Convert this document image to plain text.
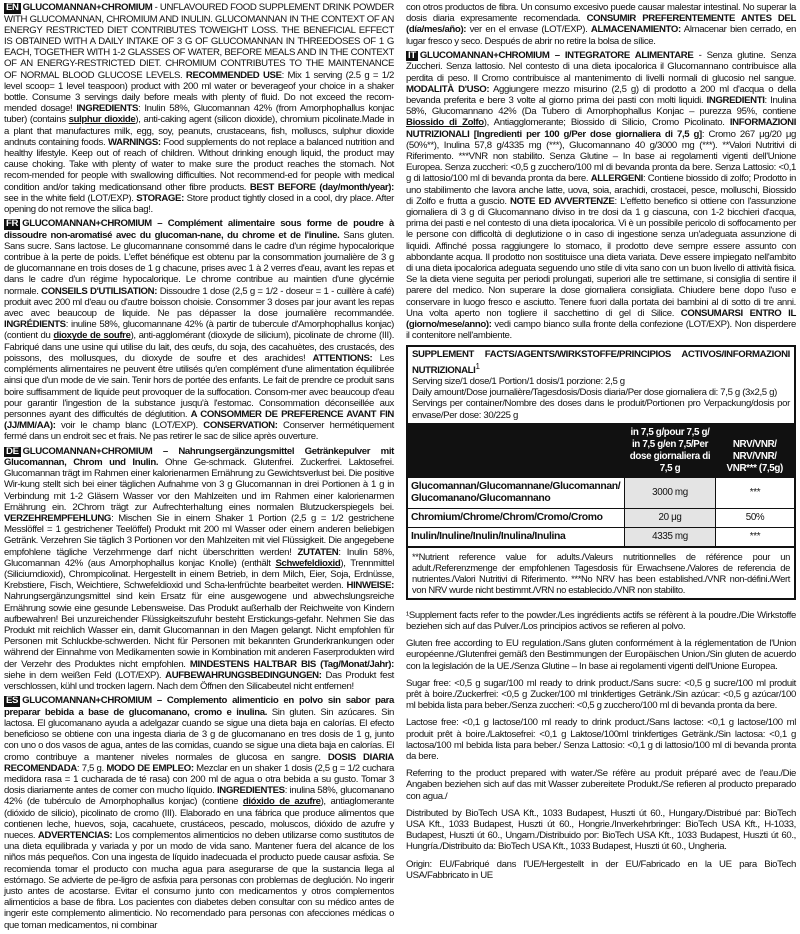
EN GLUCOMANNAN+CHROMIUM - UNFLAVOURED FOOD SUPPLEMENT DRINK POWDER WITH GLUCOMANNAN, CHROMIUM AND INULIN. GLUCOMANNAN IN THE CONTEXT OF AN ENERGY RESTRICTED DIET CONTRIBUTES TOWEIGHT LOSS. THE BENEFICIAL EFFECT IS OBTAINED WITH A DAILY INTAKE OF 3 G OF GLUCOMANNAN IN THREEDOSES OF 1 G EACH, TOGETHER WITH 1-2 GLASSES OF WATER, BEFORE MEALS AND IN THE CONTEXT OF AN ENERGY-RESTRICTED DIET. CHROMIUM CONTRIBUTES TO THE MAINTENANCE OF NORMAL BLOOD GLUCOSE LEVELS. RECOMMENDED USE: Mix 1 serving (2.5 g = 1/2 level scoop= 1 level teaspoon) product with 200 ml water or beverageof your choice in a shaker bottle. Consume 3 servings daily before meals with plenty of fluid. Do not exceed the recom-mended dosage! INGREDIENTS: Inulin 58%, Glucomannan 42% (from Amorphophallus konjac tuber) (contains sulphur dioxide), anti-caking agent (silicon dioxide), chromium picolinate.Made in a plant that manufactures milk, egg, soy, peanuts, crustaceans, fish, molluscs, sulphur dioxide andnuts containing foods. WARNINGS: Food supplements do not replace a balanced nutrition and healthy lifestyle. Keep out of reach of children. Without drinking enough liquid, the product may cause choking. Take with plenty of water to make sure the product reaches the stomach. Not recom-mended for people with swallowing difficulties. Not recommend-ed for people with medical condition and/or taking medicationsand other fibre products. BEST BEFORE (day/month/year): see in the white field (LOT/EXP). STORAGE: Store product tightly closed in a cool, dry place. After opening do not remove the silica bag!.
FR GLUCOMANNAN+CHROMIUM – Complément alimentaire sous forme de poudre à dissoudre non-aromatisé avec du glucoman-nane, du chrome et de l'inuline. Sans gluten. Sans sucre. Sans lactose. Le glucomannane consommé dans le cadre d'un régime hypocalorique contribue à la perte de poids. L'effet bénéfique est obtenu par la consommation journalière de 3 g de glucomannane en trois doses de 1 g chacune, prises avec 1 à 2 verres d'eau, avant les repas et dans le cadre d'un régime hypocalorique. Le chrome contribue au maintien d'une glycémie normale. CONSEILS D'UTILISATION: Dissoudre 1 dose (2,5 g = 1/2 - doseur = 1 - cuillère à café) produit avec 200 ml d'eau ou d'autre boisson choisie. Consommer 3 doses par jour avant les repas avec avec beaucoup de liquide. Ne pas dépasser la dose journalière recommandée. INGRÉDIENTS: inuline 58%, glucomannane 42% (à partir de tubercule d'Amorphophallus konjac) (contient du dioxyde de soufre), anti-agglomérant (dioxyde de silicium), picolinate de chrome (III). Fabriqué dans une usine qui utilise du lait, des œufs, du soja, des cacahuètes, des crustacés, des poissons, des mollusques, du dioxyde de soufre et des arachides! ATTENTIONS: Les compléments alimentaires ne peuvent être utilisés qu'en complément d'une alimentation équilibrée ainsi que d'un mode de vie sain. Tenir hors de portée des enfants. Le fait de prendre ce produit sans boire suffisamment de liquide peut provoquer de la suffocation. Consom-mer avec beaucoup d'eau pour garantir l'ingestion de la substance jusqu'à l'estomac. Consommation déconseillée aux personnes ayant des difficultés de déglutition. A CONSOMMER DE PREFERENCE AVANT FIN (JJ/MM/AA): voir le champ blanc (LOT/EXP). CONSERVATION: Conserver hermétiquement fermé dans un endroit sec et frais. Ne pas retirer le sac de silice après ouverture.
DE GLUCOMANNAN+CHROMIUM – Nahrungsergänzungsmittel Getränkepulver mit Glucomannan, Chrom und Inulin. Ohne Ge-schmack. Glutenfrei. Zuckerfrei. Laktosefrei. Glucomannan trägt im Rahmen einer kalorienarmen Ernährung zu Gewichtsverlust bei. Die positive Wir-kung stellt sich bei einer täglichen Aufnahme von 3 g Glucomannan in drei Portionen à 1 g in Verbindung mit 1-2 Gläsern Wasser vor den Mahlzeiten und im Rahmen einer kalorienarmen Ernährung ein. 2Chrom trägt zur Aufrechterhaltung eines normalen Blutzuckerspiegels bei. VERZEHREMPFEHLUNG: Mischen Sie in einem Shaker 1 Portion (2,5 g = 1/2 gestrichene Messlöffel = 1 gestrichener Teelöffel) Produkt mit 200 ml Wasser oder einem anderen beliebigen Getränk. Verzehren Sie täglich 3 Portionen vor den Mahlzeiten mit viel Flüssigkeit. Die angegebene empfohlene tägliche Verzehrmenge darf nicht überschritten werden! ZUTATEN: Inulin 58%, Glucomannan 42% (aus Amorphophallus konjac Knolle) (enthält Schwefeldioxid), Trennmittel (Siliciumdioxid), Chrompicolinat. Hergestellt in einem Betrieb, in dem Milch, Eier, Soja, Erdnüsse, Krebstiere, Fisch, Weichtiere, Schwefeldioxid und Scha-lenfrüchte bearbeitet werden. HINWEISE: Nahrungsergänzungsmittel sind kein Ersatz für eine ausgewogene und abwechslungsreiche Ernährung sowie eine gesunde Lebensweise. Das Produkt außerhalb der Reichweite von Kindern aufbewahren! Bei unzureichender Flüssigkeitszufuhr besteht Erstickungs-gefahr. Nehmen Sie das Produkt mit reichlich Wasser ein, damit Glucomannan in den Magen gelangt. Nicht empfohlen für Personen mit Schluckbe-schwerden. Nicht für Personen mit bekannten Grunderkrankungen oder während der Einnahme von Medikamenten sowie in Kombination mit anderen Faserprodukten wird der Verzehr des Produktes nicht empfohlen. MINDESTENS HALTBAR BIS (Tag/Monat/Jahr): siehe in dem weißen Feld (LOT/EXP). AUFBEWAHRUNGSBEDINGUNGEN: Das Produkt fest verschlossen, kühl und trocken lagern. Nach dem Öffnen den Silicabeutel nicht entfernen!
ES GLUCOMANNAN+CHROMIUM – Complemento alimenticio en polvo sin sabor para preparar bebida a base de glucomanano, cromo e inulina. Sin gluten. Sin azúcares. Sin lactosa. El glucomanano ayuda a adelgazar cuando se sigue una dieta baja en calorías. El efecto beneficioso se obtiene con una ingesta diaria de 3 g de glucomanano en tres dosis de 1 g, junto con uno o dos vasos de agua, antes de las comidas, cuando se sigue una dieta baja en calorías. El cromo contribuye a mantener niveles normales de glucosa en sangre. DOSIS DIARIA RECOMENDADA: 7,5 g. MODO DE EMPLEO: Mezclar en un shaker 1 dosis (2,5 g = 1/2 cuchara medidora rasa = 1 cucharada de té rasa) con 200 ml de agua o otra bebida a su gusto. Tomar 3 dosis diariamente antes de comer con mucho líquido. INGREDIENTES: inulina 58%, glucomanano 42% (de tubérculo de Amorphophallus konjac) (contiene dióxido de azufre), antiaglomerante (dióxido de silicio), picolinato de cromo (III). Elaborado en una fábrica que produce alimentos que contienen leche, huevos, soja, cacahuete, crustáceos, pescado, moluscos, dióxido de azufre y nueces. ADVERTENCIAS: Los complementos alimenticios no deben utilizarse como sustitutos de una dieta equilibrada y variada y por un modo de vida sano. Mantener fuera del alcance de los niños más pequeños. Con una ingesta de líquido inadecuada el producto puede causar asfixia. Se recomienda tomar el producto con mucha agua para asegurarse de que la sustancia llega al estómago. Se advierte de pe-ligro de asfixia para personas con problemas de deglución. No ingerir justo antes de acostarse. Evitar el consumo junto con medicamentos y otros complementos alimenticios a base de fibra. Los pacientes con diabetes deben consultar con su médico antes de ingerir este complemento alimenticio. No recomendado para personas con afecciones médicas o que toman medicamentos, ni combinar
con otros productos de fibra. Un consumo excesivo puede causar malestar intestinal. No superar la dosis diaria expresamente recomendada. CONSUMIR PREFERENTEMENTE ANTES DEL (día/mes/año): ver en el envase (LOT/EXP). ALMACENAMIENTO: Almacenar bien cerrado, en lugar fresco y seco. Después de abrir no retire la bolsa de sílice.
IT GLUCOMANNAN+CHROMIUM – INTEGRATORE ALIMENTARE - Senza glutine. Senza Zuccheri. Senza lattosio. Nel contesto di una dieta ipocalorica il Glucomannano contribuisce alla perdita di peso. Il Cromo contribuisce al mantenimento di livelli normali di glucosio nel sangue. MODALITÀ D'USO: Aggiungere mezzo misurino (2,5 g) di prodotto a 200 ml d'acqua o della bevanda preferita e bere 3 volte al giorno prima dei pasti con molti liquidi. INGREDIENTI: Inulina 58%, Glucomannano 42% (Da Tubero di Amorphophallus Konjac – purezza 95%, contiene Biossido di Zolfo), Antiagglomerante; Biossido di Silicio, Cromo Picolinato. INFORMAZIONI NUTRIZIONALI [Ingredienti per 100 g/Per dose giornaliera di 7,5 g]: Cromo 267 μg/20 μg (50%**), Inulina 57,8 g/4335 mg (***), Glucomannano 40 g/3000 mg (***). **Valori Nutritivi di Riferimento. ***VNR non stabilito. Senza Glutine – In base ai regolamenti vigenti dell'Unione Europea. Senza zuccheri: <0,5 g zucchero/100 ml di bevanda pronta da bere. Senza Lattosio: <0,1 g di lattosio/100 ml di bevanda pronta da bere. ALLERGENI: Contiene biossido di zolfo; Prodotto in uno stabilimento che lavora anche latte, uova, soia, arachidi, crostacei, pesce, molluschi, Biossido di Zolfo e frutta a guscio. NOTE ED AVVERTENZE: L'effetto benefico si ottiene con l'assunzione giornaliera di 3 g di Glucomannano diviso in tre dosi da 1 g ciascuna, con 1-2 bicchieri d'acqua, prima dei pasti e nel contesto di una dieta ipocalorica. Vi è un possibile pericolo di soffocamento per le persone con difficoltà di deglutizione o in caso di ingestione senza un'adeguata assunzione di liquidi. Affinché possa raggiungere lo stomaco, il prodotto deve sempre essere assunto con abbondante acqua. Il prodotto non sostituisce una dieta variata. Deve essere impiegato nell'ambito di una dieta ipocalorica adeguata seguendo uno stile di vita sano con un buon livello di attività fisica. Se la dieta viene seguita per periodi prolungati, superiori alle tre settimane, si consiglia di sentire il parere del medico. Non superare la dose giornaliera consigliata. Chiudere bene dopo l'uso e conservare in luogo fresco e asciutto. Tenere fuori dalla portata dei bambini al di sotto di tre anni. Una volta aperto non togliere il sacchettino di gel di Silice. CONSUMARSI ENTRO IL (giorno/mese/anno): vedi campo bianco sulla fronte della confezione (LOT/EXP). Non disperdere il contenitore nell'ambiente.
SUPPLEMENT FACTS/AGENTS/WIRKSTOFFE/PRINCIPIOS ACTIVOS/INFORMAZIONI NUTRIZIONALI$^1$
Serving size/1 dose/1 Portion/1 dosis/1 porzione: 2,5 g
Daily amount/Dose journalière/Tagesdosis/Dosis diaria/Per dose giornaliera di: 7,5 g (3x2,5 g)
Servings per container/Nombre des doses dans le produit/Portionen pro Verpackung/dosis por envase/Per dose: 30/225 g
	in 7,5 g/pour 7,5 g/ in 7,5 g/en 7,5/Per dose giornaliera di 7,5 g	NRV/VNR/ NRV/VNR/ VNR*** (7,5g)
Glucomannan/Glucomannane/Glucomannan/ Glucomanano/Glucomannano	3000 mg	***
Chromium/Chrome/Chrom/Cromo/Cromo	20 μg	50%
Inulin/Inuline/Inulin/Inulina/Inulina	4335 mg	***
**Nutrient reference value for adults./Valeurs nutritionnelles de référence pour un adult./Referenzmenge der empfohlenen Tagesdosis für Erwachsene./Valores de referencia de nutrientes./Valori Nutritivi di Riferimento. ***No NRV has been established./VNR non-défini./Wert von NRV wurde nicht bestimmt./VRN no establecido./VNR non stabilito.

¹Supplement facts refer to the powder./Les ingrédients actifs se réfèrent à la poudre./Die Wirkstoffe beziehen sich auf das Pulver./Los principios activos se refieren al polvo.

Gluten free according to EU regulation./Sans gluten conformément à la réglementation de l'Union européenne./Glutenfrei gemäß den Bestimmungen der Europäischen Union./Sin gluten de acuerdo con la legislación de la UE./Senza Glutine – In base ai regolamenti vigenti dell'Unione Europea.

Sugar free: <0,5 g sugar/100 ml ready to drink product./Sans sucre: <0,5 g sucre/100 ml produit prêt à boire./Zuckerfrei: <0,5 g Zucker/100 ml trinkfertiges Getränk./Sin azúcar: <0,5 g azúcar/100 ml bebida lista para beber./Senza zuccheri: <0,5 g zucchero/100 ml di bevanda pronta da bere.

Lactose free: <0,1 g lactose/100 ml ready to drink product./Sans lactose: <0,1 g lactose/100 ml produit prêt à boire./Laktosefrei: <0,1 g Laktose/100ml trinkfertiges Getränk./Sin lactosa: <0,1 g lactosa/100 ml bebida lista para beber./ Senza Lattosio: <0,1 g di lattosio/100 ml di bevanda pronta da bere.

Referring to the product prepared with water./Se réfère au produit préparé avec de l'eau./Die Angaben beziehen sich auf das mit Wasser zubereitete Produkt./Se refieren al producto preparado con agua./

Distributed by BioTech USA Kft., 1033 Budapest, Huszti út 60., Hungary./Distribué par: BioTech USA Kft., 1033 Budapest, Huszti út 60., Hongrie./Inverkehrbringer: BioTech USA Kft., H-1033, Budapest, Huszti út 60., Ungarn./Distribuido por: BioTech USA Kft., 1033 Budapest, Huszti út 60., Hungría./Distribuito da: BioTech USA Kft., 1033 Budapest, Huszti út 60., Ungheria.

Origin: EU/Fabriqué dans l'UE/Hergestellt in der EU/Fabricado en la UE para BioTech USA/Fabbricato in UE
